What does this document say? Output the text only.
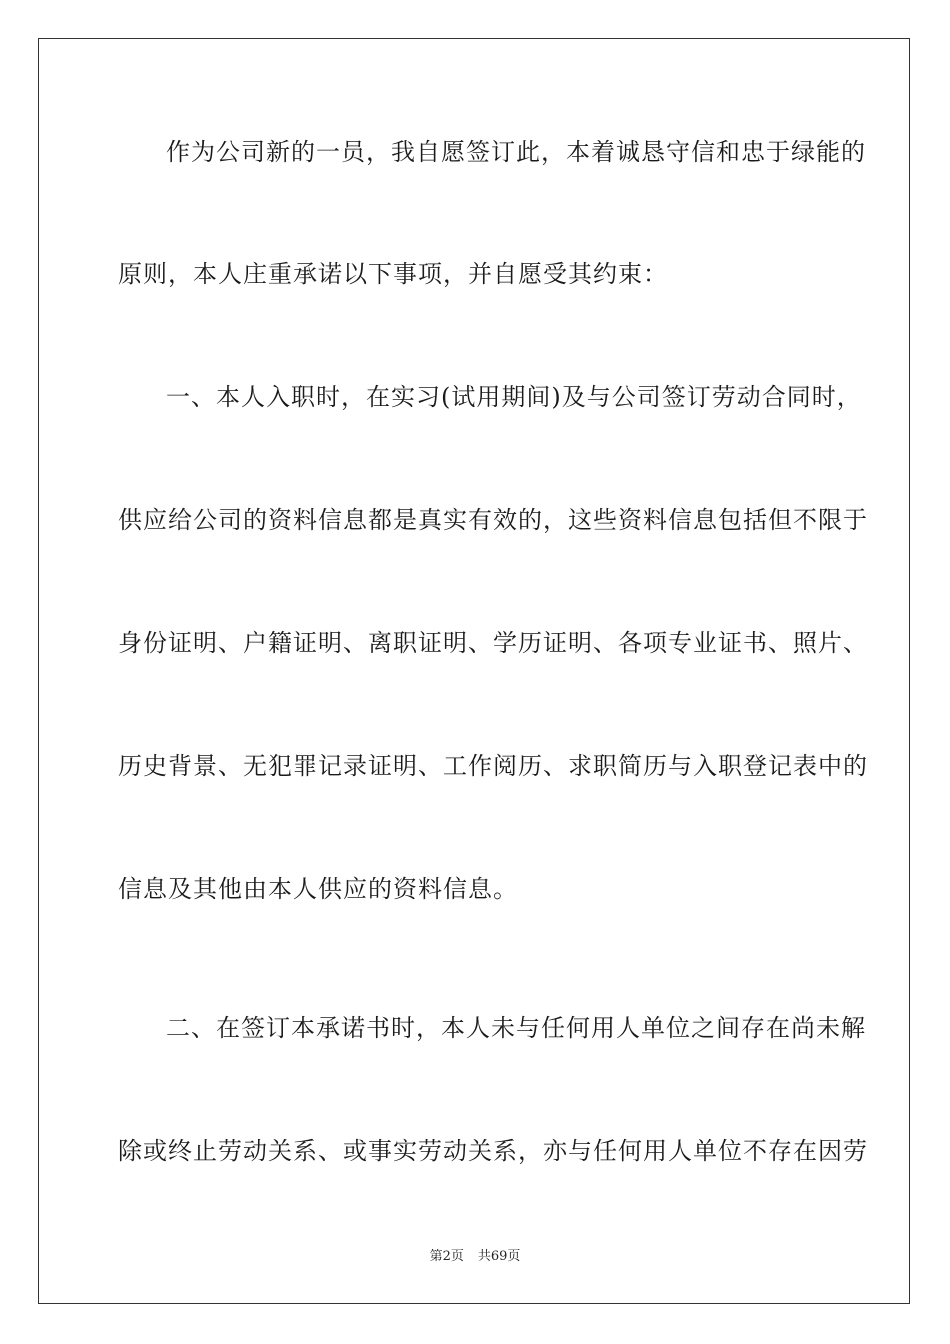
作为公司新的一员，我自愿签订此，本着诚恳守信和忠于绿能的
原则，本人庄重承诺以下事项，并自愿受其约束：
一、本人入职时，在实习(试用期间)及与公司签订劳动合同时，
供应给公司的资料信息都是真实有效的，这些资料信息包括但不限于
身份证明、户籍证明、离职证明、学历证明、各项专业证书、照片、
历史背景、无犯罪记录证明、工作阅历、求职简历与入职登记表中的
信息及其他由本人供应的资料信息。
二、在签订本承诺书时，本人未与任何用人单位之间存在尚未解
除或终止劳动关系、或事实劳动关系，亦与任何用人单位不存在因劳
第2页 共69页
